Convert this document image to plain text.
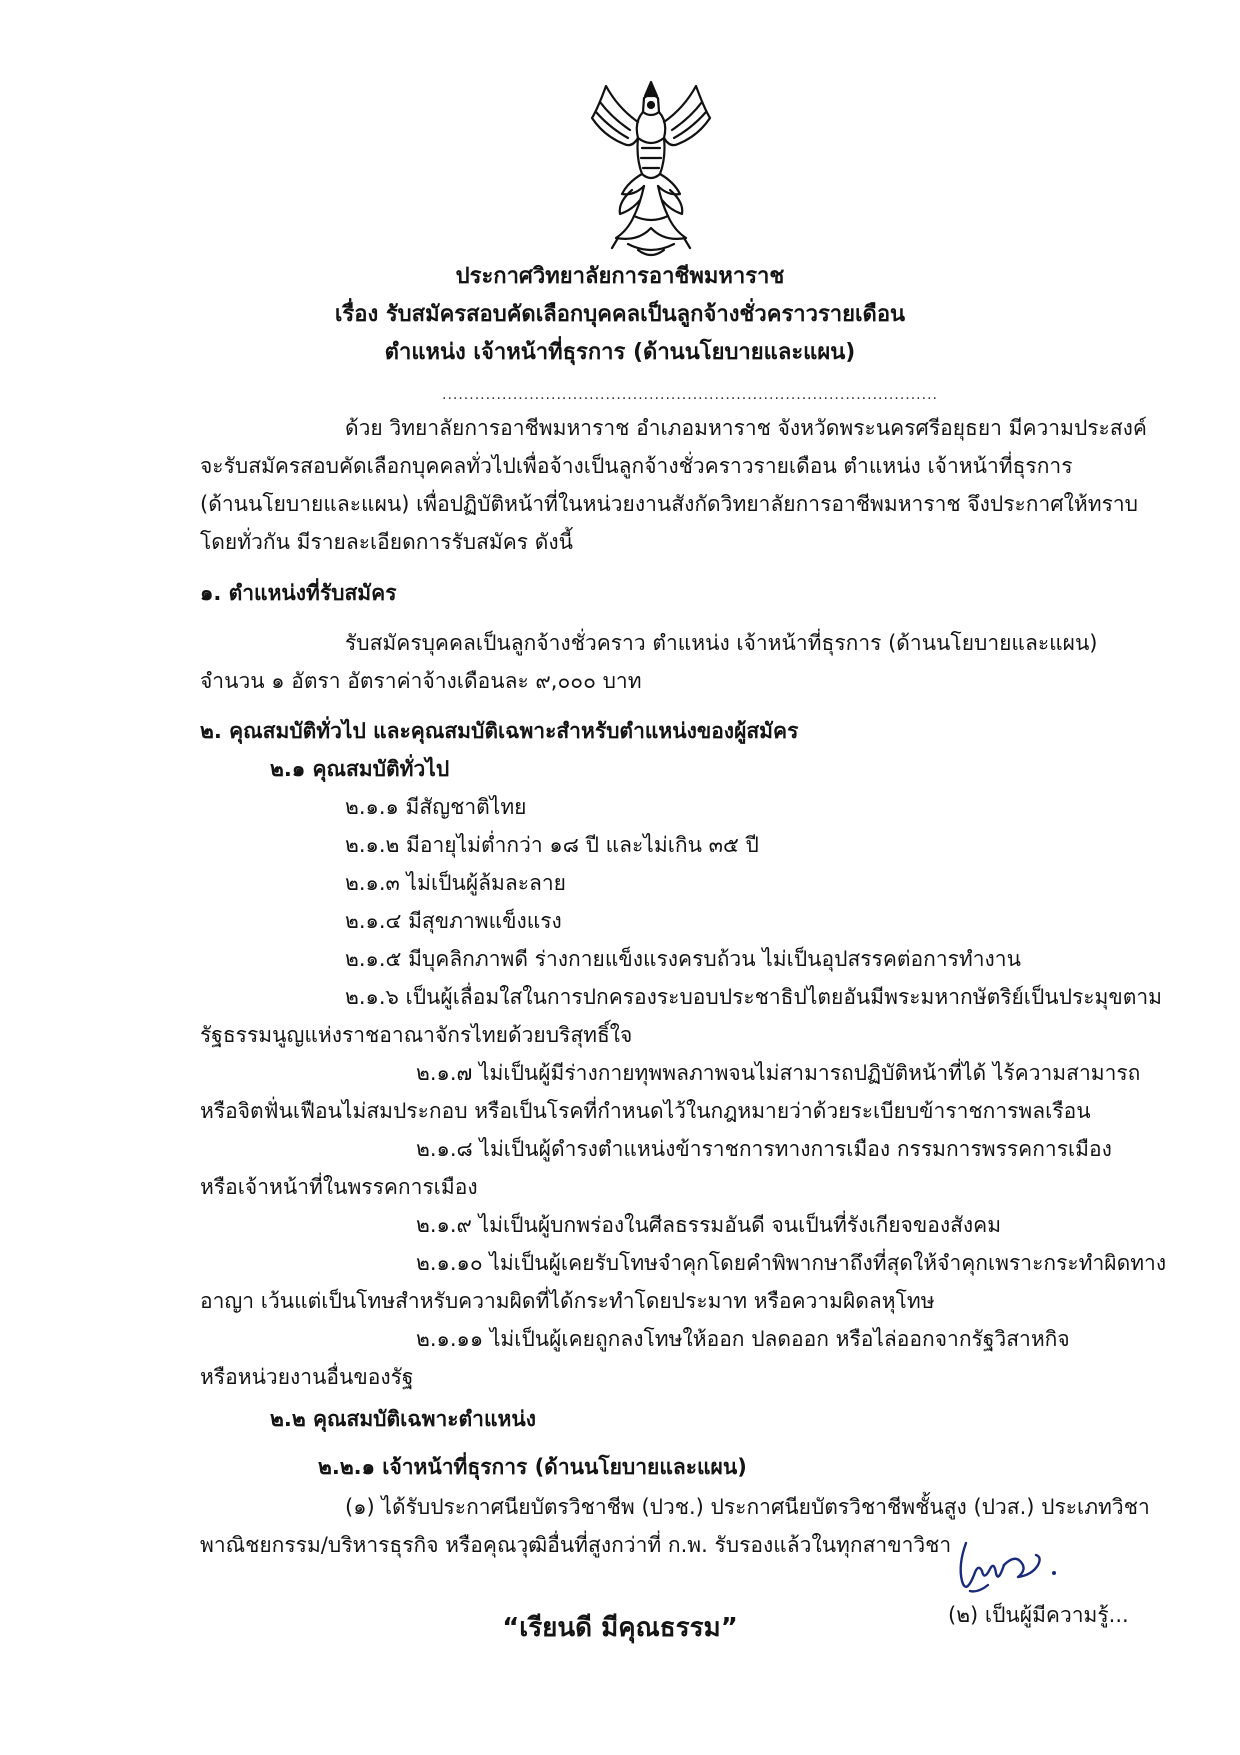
ประกาศวิทยาลัยการอาชีพมหาราช
เรื่อง รับสมัครสอบคัดเลือกบุคคลเป็นลูกจ้างชั่วคราวรายเดือน
ตำแหน่ง เจ้าหน้าที่ธุรการ (ด้านนโยบายและแผน)
...........................................................................................
ด้วย วิทยาลัยการอาชีพมหาราช อำเภอมหาราช จังหวัดพระนครศรีอยุธยา มีความประสงค์
จะรับสมัครสอบคัดเลือกบุคคลทั่วไปเพื่อจ้างเป็นลูกจ้างชั่วคราวรายเดือน ตำแหน่ง เจ้าหน้าที่ธุรการ
(ด้านนโยบายและแผน) เพื่อปฏิบัติหน้าที่ในหน่วยงานสังกัดวิทยาลัยการอาชีพมหาราช จึงประกาศให้ทราบ
โดยทั่วกัน มีรายละเอียดการรับสมัคร ดังนี้
๑. ตำแหน่งที่รับสมัคร
รับสมัครบุคคลเป็นลูกจ้างชั่วคราว ตำแหน่ง เจ้าหน้าที่ธุรการ (ด้านนโยบายและแผน)
จำนวน ๑ อัตรา อัตราค่าจ้างเดือนละ ๙,๐๐๐ บาท
๒. คุณสมบัติทั่วไป และคุณสมบัติเฉพาะสำหรับตำแหน่งของผู้สมัคร
๒.๑ คุณสมบัติทั่วไป
๒.๑.๑ มีสัญชาติไทย
๒.๑.๒ มีอายุไม่ต่ำกว่า ๑๘ ปี และไม่เกิน ๓๕ ปี
๒.๑.๓ ไม่เป็นผู้ล้มละลาย
๒.๑.๔ มีสุขภาพแข็งแรง
๒.๑.๕ มีบุคลิกภาพดี ร่างกายแข็งแรงครบถ้วน ไม่เป็นอุปสรรคต่อการทำงาน
๒.๑.๖ เป็นผู้เลื่อมใสในการปกครองระบอบประชาธิปไตยอันมีพระมหากษัตริย์เป็นประมุขตาม
รัฐธรรมนูญแห่งราชอาณาจักรไทยด้วยบริสุทธิ์ใจ
๒.๑.๗ ไม่เป็นผู้มีร่างกายทุพพลภาพจนไม่สามารถปฏิบัติหน้าที่ได้ ไร้ความสามารถ
หรือจิตฟั่นเฟือนไม่สมประกอบ หรือเป็นโรคที่กำหนดไว้ในกฎหมายว่าด้วยระเบียบข้าราชการพลเรือน
๒.๑.๘ ไม่เป็นผู้ดำรงตำแหน่งข้าราชการทางการเมือง กรรมการพรรคการเมือง
หรือเจ้าหน้าที่ในพรรคการเมือง
๒.๑.๙ ไม่เป็นผู้บกพร่องในศีลธรรมอันดี จนเป็นที่รังเกียจของสังคม
๒.๑.๑๐ ไม่เป็นผู้เคยรับโทษจำคุกโดยคำพิพากษาถึงที่สุดให้จำคุกเพราะกระทำผิดทาง
อาญา เว้นแต่เป็นโทษสำหรับความผิดที่ได้กระทำโดยประมาท หรือความผิดลหุโทษ
๒.๑.๑๑ ไม่เป็นผู้เคยถูกลงโทษให้ออก ปลดออก หรือไล่ออกจากรัฐวิสาหกิจ
หรือหน่วยงานอื่นของรัฐ
๒.๒ คุณสมบัติเฉพาะตำแหน่ง
๒.๒.๑ เจ้าหน้าที่ธุรการ (ด้านนโยบายและแผน)
(๑) ได้รับประกาศนียบัตรวิชาชีพ (ปวช.) ประกาศนียบัตรวิชาชีพชั้นสูง (ปวส.) ประเภทวิชา
พาณิชยกรรม/บริหารธุรกิจ หรือคุณวุฒิอื่นที่สูงกว่าที่ ก.พ. รับรองแล้วในทุกสาขาวิชา
(๒) เป็นผู้มีความรู้...
“เรียนดี มีคุณธรรม”
